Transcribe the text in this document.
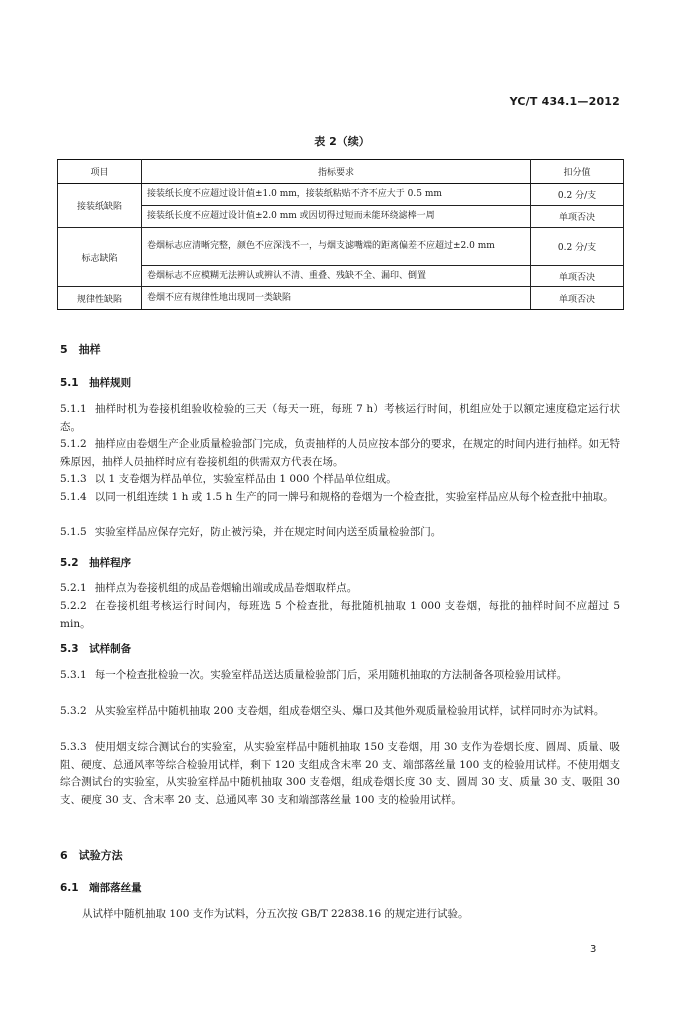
YC/T 434.1—2012
表 2（续）
项目	指标要求	扣分值
接装纸缺陷	接装纸长度不应超过设计值±1.0 mm，接装纸粘贴不齐不应大于 0.5 mm	0.2 分/支
	接装纸长度不应超过设计值±2.0 mm 或因切得过短而未能环绕滤棒一周	单项否决
标志缺陷	卷烟标志应清晰完整，颜色不应深浅不一，与烟支滤嘴端的距离偏差不应超过±2.0 mm	0.2 分/支
	卷烟标志不应模糊无法辨认或辨认不清、重叠、残缺不全、漏印、倒置	单项否决
规律性缺陷	卷烟不应有规律性地出现同一类缺陷	单项否决
5　抽样
5.1　抽样规则

5.1.1 抽样时机为卷接机组验收检验的三天（每天一班，每班 7 h）考核运行时间，机组应处于以额定速度稳定运行状态。

5.1.2 抽样应由卷烟生产企业质量检验部门完成，负责抽样的人员应按本部分的要求，在规定的时间内进行抽样。如无特殊原因，抽样人员抽样时应有卷接机组的供需双方代表在场。

5.1.3 以 1 支卷烟为样品单位，实验室样品由 1 000 个样品单位组成。

5.1.4 以同一机组连续 1 h 或 1.5 h 生产的同一牌号和规格的卷烟为一个检查批，实验室样品应从每个检查批中抽取。

5.1.5 实验室样品应保存完好，防止被污染，并在规定时间内送至质量检验部门。

5.2　抽样程序

5.2.1 抽样点为卷接机组的成品卷烟输出端或成品卷烟取样点。

5.2.2 在卷接机组考核运行时间内，每班选 5 个检查批，每批随机抽取 1 000 支卷烟，每批的抽样时间不应超过 5 min。

5.3　试样制备

5.3.1 每一个检查批检验一次。实验室样品送达质量检验部门后，采用随机抽取的方法制备各项检验用试样。

5.3.2 从实验室样品中随机抽取 200 支卷烟，组成卷烟空头、爆口及其他外观质量检验用试样，试样同时亦为试料。

5.3.3 使用烟支综合测试台的实验室，从实验室样品中随机抽取 150 支卷烟，用 30 支作为卷烟长度、圆周、质量、吸阻、硬度、总通风率等综合检验用试样，剩下 120 支组成含末率 20 支、端部落丝量 100 支的检验用试样。不使用烟支综合测试台的实验室，从实验室样品中随机抽取 300 支卷烟，组成卷烟长度 30 支、圆周 30 支、质量 30 支、吸阻 30 支、硬度 30 支、含末率 20 支、总通风率 30 支和端部落丝量 100 支的检验用试样。

6　试验方法
6.1　端部落丝量

从试样中随机抽取 100 支作为试料，分五次按 GB/T 22838.16 的规定进行试验。

3
